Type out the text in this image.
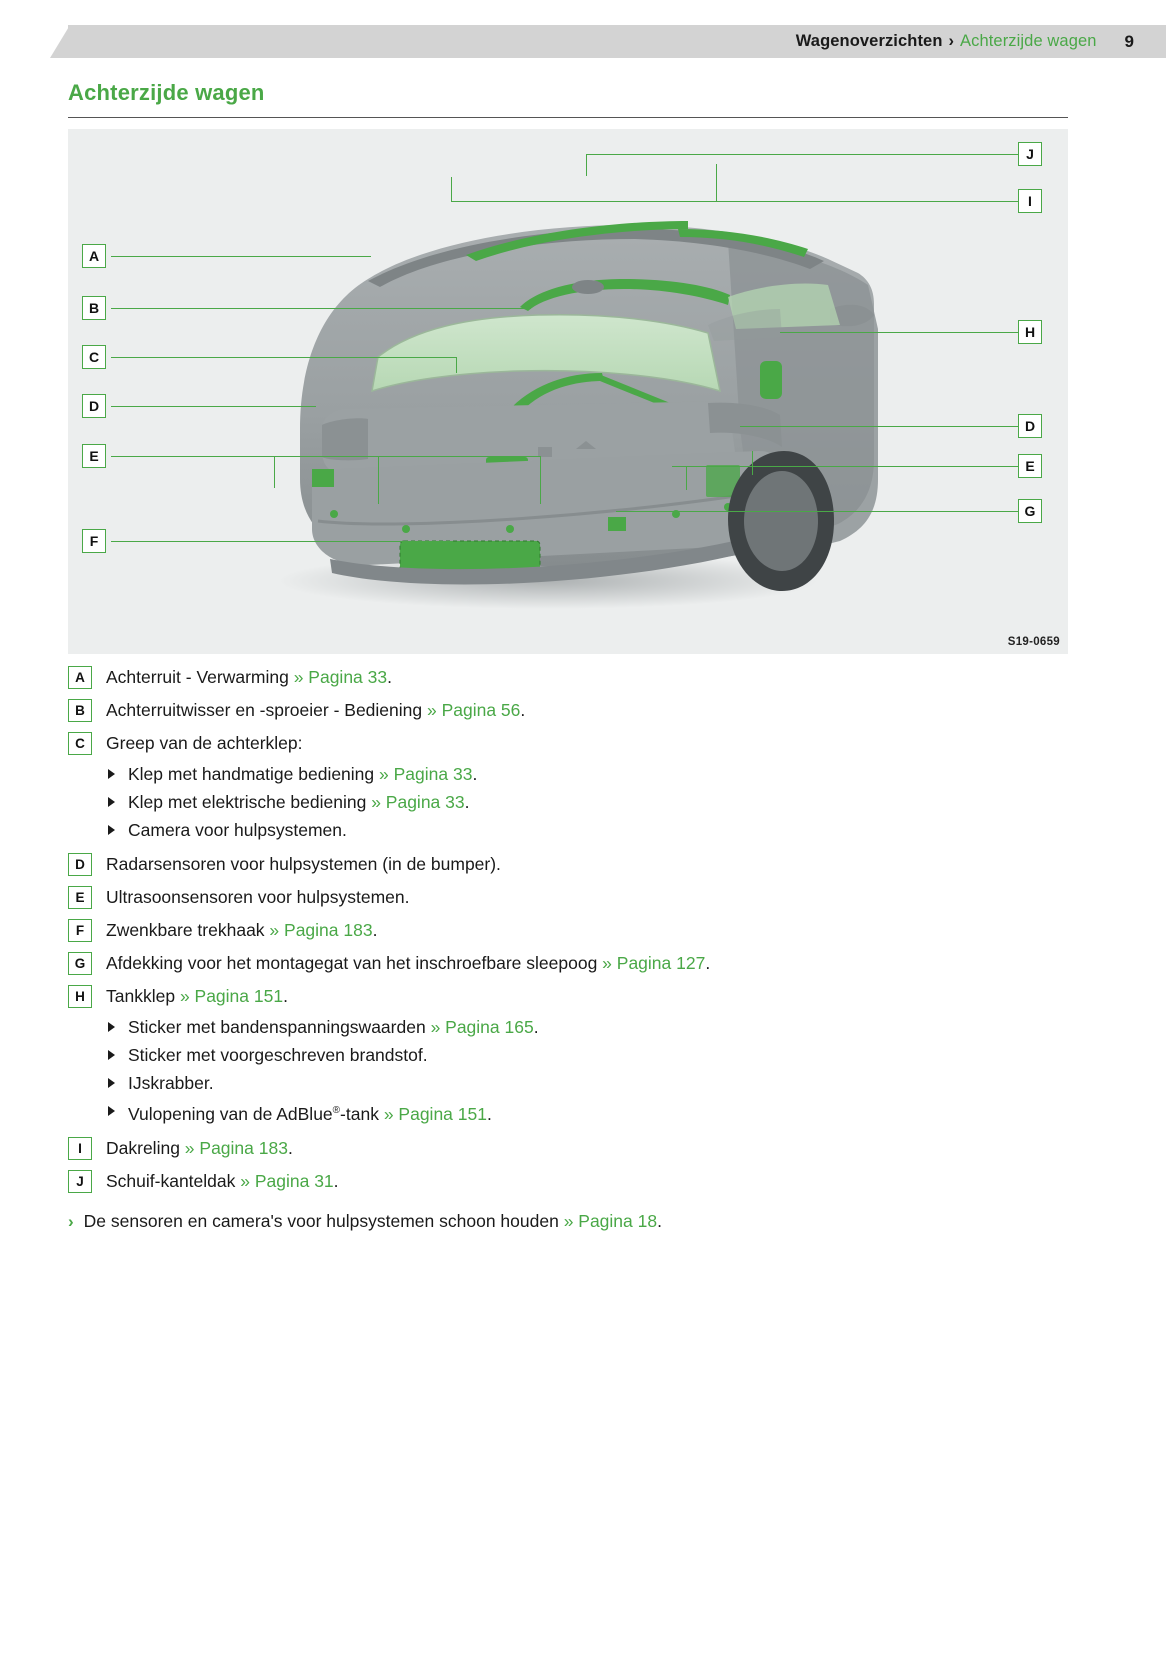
Wagenoverzichten › Achterzijde wagen 9
Achterzijde wagen
J
I
A
B
C
D
E
F
H
D
E
G
S19-0659
A	Achterruit - Verwarming » Pagina 33.
B	Achterruitwisser en -sproeier - Bediening » Pagina 56.
C	Greep van de achterklep:
Klep met handmatige bediening » Pagina 33.
Klep met elektrische bediening » Pagina 33.
Camera voor hulpsystemen.
D	Radarsensoren voor hulpsystemen (in de bumper).
E	Ultrasoonsensoren voor hulpsystemen.
F	Zwenkbare trekhaak » Pagina 183.
G	Afdekking voor het montagegat van het inschroefbare sleepoog » Pagina 127.
H	Tankklep » Pagina 151.
Sticker met bandenspanningswaarden » Pagina 165.
Sticker met voorgeschreven brandstof.
IJskrabber.
Vulopening van de AdBlue®-tank » Pagina 151.
I	Dakreling » Pagina 183.
J	Schuif-kanteldak » Pagina 31.
› De sensoren en camera's voor hulpsystemen schoon houden » Pagina 18.
